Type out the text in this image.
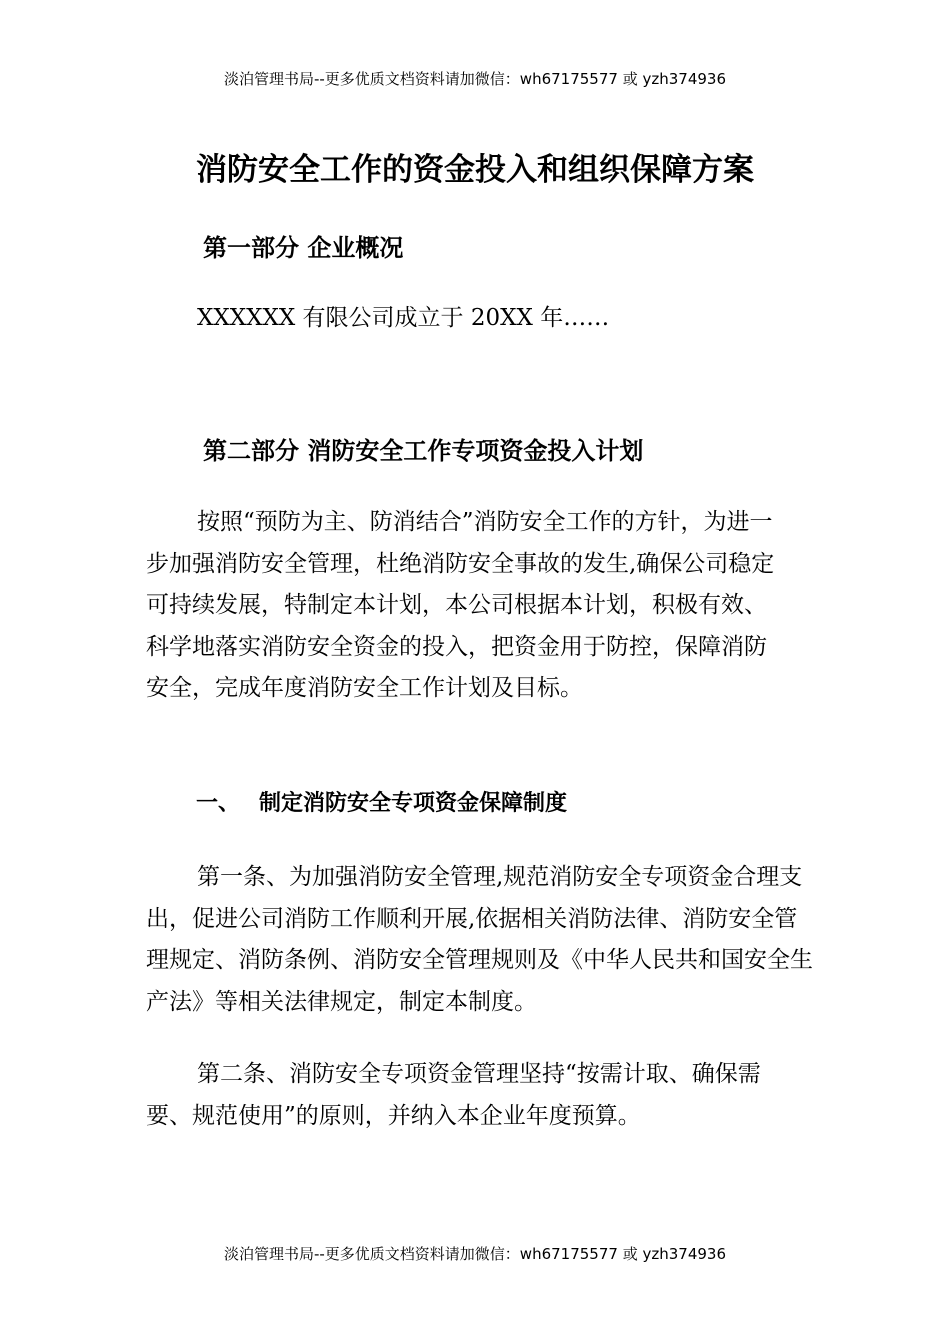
淡泊管理书局--更多优质文档资料请加微信：wh67175577 或 yzh374936
消防安全工作的资金投入和组织保障方案
第一部分 企业概况

XXXXXX 有限公司成立于 20XX 年……

第二部分 消防安全工作专项资金投入计划

按照“预防为主、防消结合”消防安全工作的方针，为进一步加强消防安全管理，杜绝消防安全事故的发生,确保公司稳定可持续发展，特制定本计划，本公司根据本计划，积极有效、科学地落实消防安全资金的投入，把资金用于防控，保障消防安全，完成年度消防安全工作计划及目标。

一、 制定消防安全专项资金保障制度

第一条、为加强消防安全管理,规范消防安全专项资金合理支出，促进公司消防工作顺利开展,依据相关消防法律、消防安全管理规定、消防条例、消防安全管理规则及《中华人民共和国安全生产法》等相关法律规定，制定本制度。

第二条、消防安全专项资金管理坚持“按需计取、确保需要、规范使用”的原则，并纳入本企业年度预算。

淡泊管理书局--更多优质文档资料请加微信：wh67175577 或 yzh374936
